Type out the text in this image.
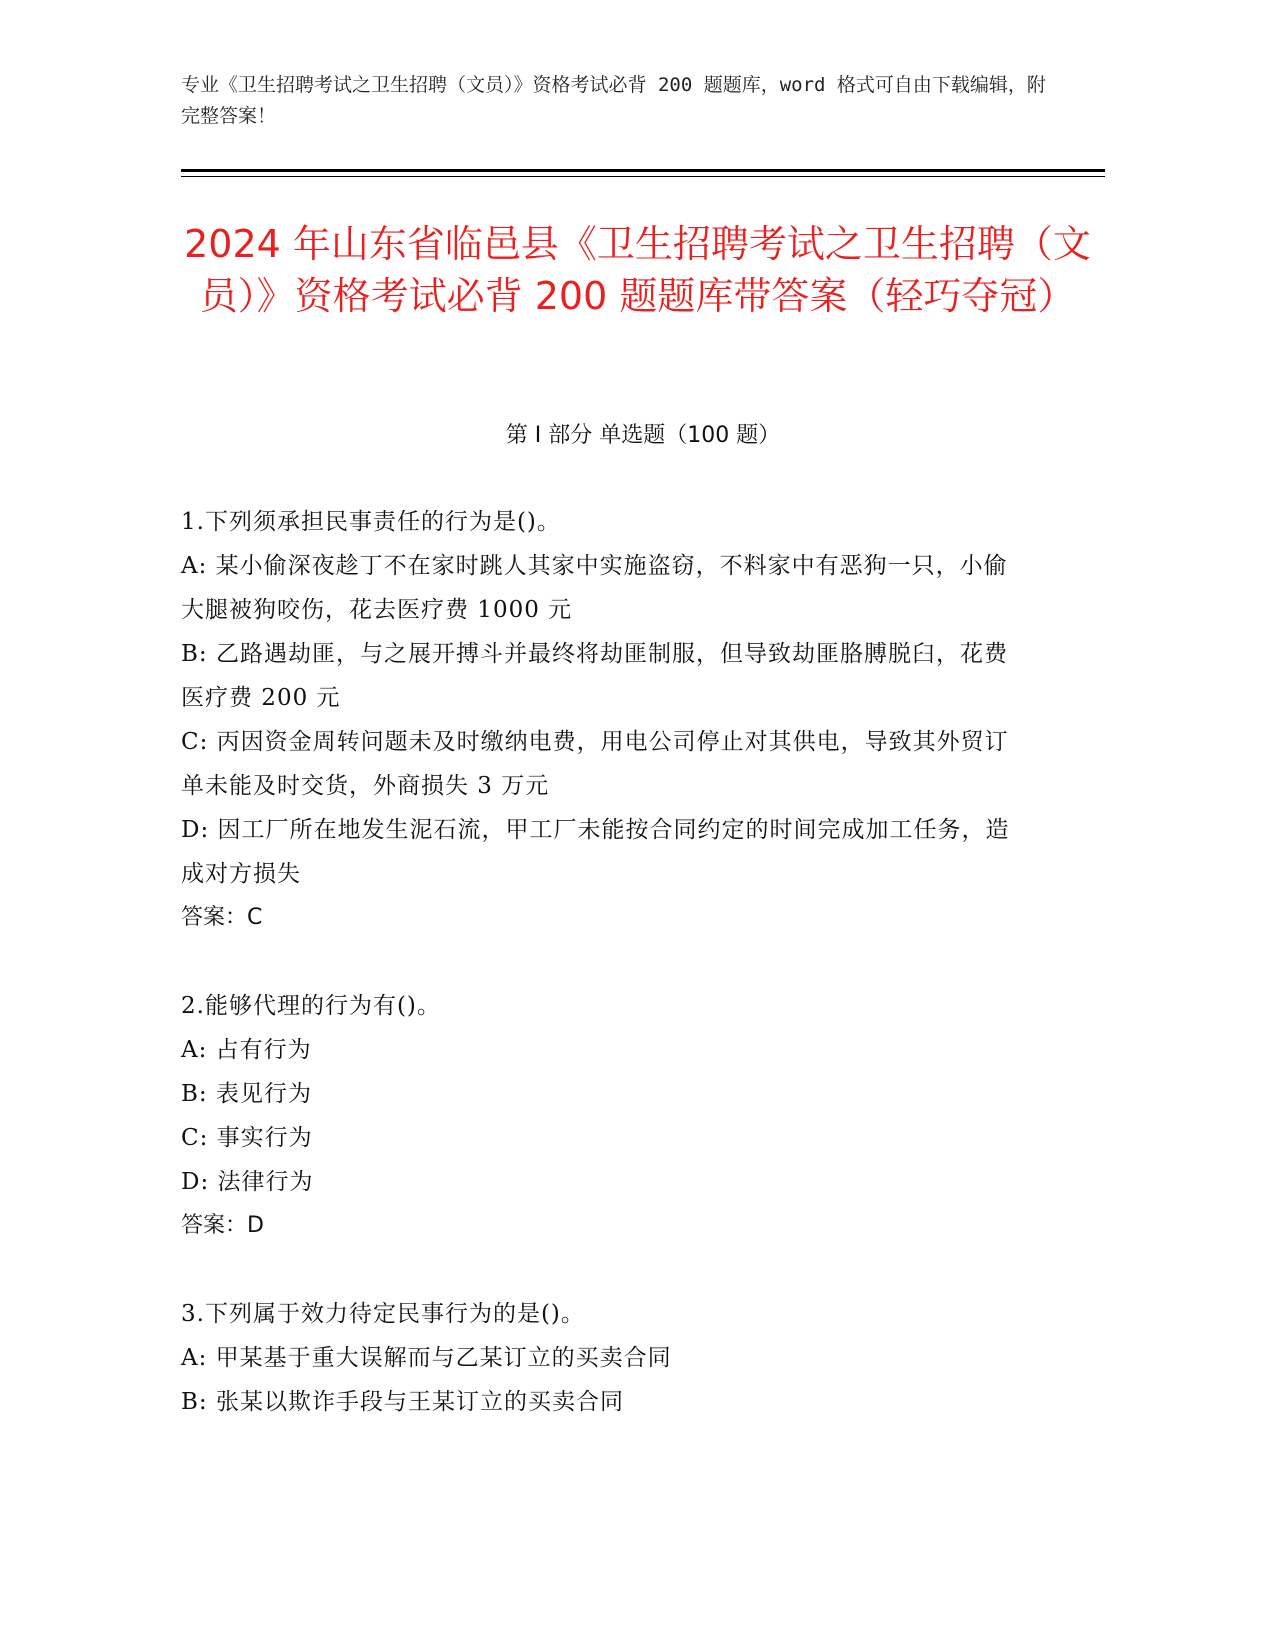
专业《卫生招聘考试之卫生招聘（文员）》资格考试必背 200 题题库，word 格式可自由下载编辑，附完整答案！
2024 年山东省临邑县《卫生招聘考试之卫生招聘（文员）》资格考试必背 200 题题库带答案（轻巧夺冠）
第 I 部分 单选题（100 题）

1.下列须承担民事责任的行为是()。

A: 某小偷深夜趁丁不在家时跳人其家中实施盗窃，不料家中有恶狗一只，小偷大腿被狗咬伤，花去医疗费 1000 元

B: 乙路遇劫匪，与之展开搏斗并最终将劫匪制服，但导致劫匪胳膊脱臼，花费医疗费 200 元

C: 丙因资金周转问题未及时缴纳电费，用电公司停止对其供电，导致其外贸订单未能及时交货，外商损失 3 万元

D: 因工厂所在地发生泥石流，甲工厂未能按合同约定的时间完成加工任务，造成对方损失

答案：C

2.能够代理的行为有()。

A: 占有行为

B: 表见行为

C: 事实行为

D: 法律行为

答案：D

3.下列属于效力待定民事行为的是()。

A: 甲某基于重大误解而与乙某订立的买卖合同

B: 张某以欺诈手段与王某订立的买卖合同
